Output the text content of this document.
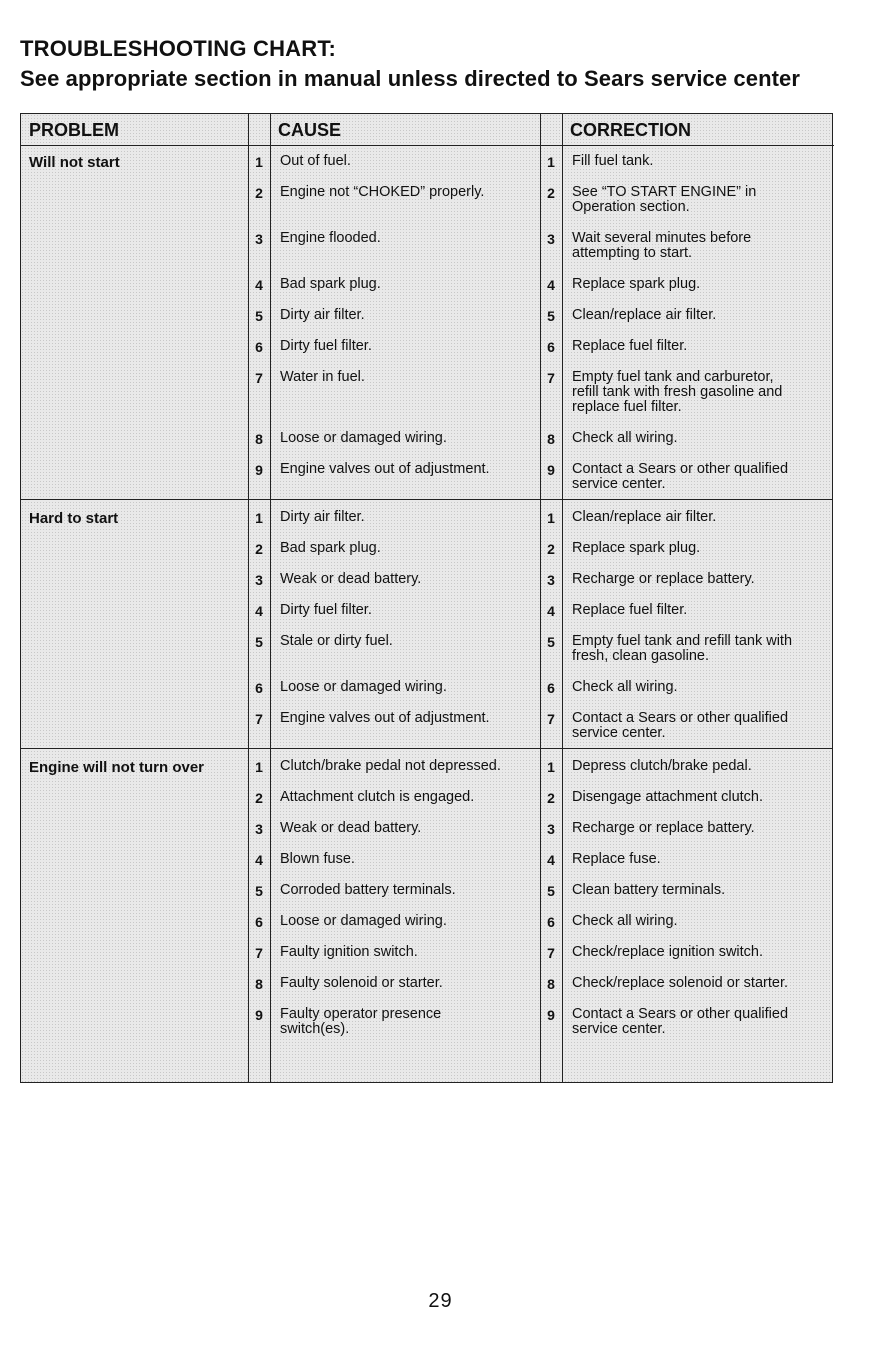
TROUBLESHOOTING CHART:
See appropriate section in manual unless directed to Sears service center
PROBLEM	CAUSE	CORRECTION
Will not start	1 Out of fuel.	1 Fill fuel tank.
2 Engine not “CHOKED” properly.	2 See “TO START ENGINE” in
Operation section.
3 Engine flooded.	3 Wait several minutes before
attempting to start.
4 Bad spark plug.	4 Replace spark plug.
5 Dirty air filter.	5 Clean/replace air filter.
6 Dirty fuel filter.	6 Replace fuel filter.
7 Water in fuel.	7 Empty fuel tank and carburetor,
refill tank with fresh gasoline and
replace fuel filter.
8 Loose or damaged wiring.	8 Check all wiring.
9 Engine valves out of adjustment.	9 Contact a Sears or other qualified
service center.
Hard to start	1 Dirty air filter.	1 Clean/replace air filter.
2 Bad spark plug.	2 Replace spark plug.
3 Weak or dead battery.	3 Recharge or replace battery.
4 Dirty fuel filter.	4 Replace fuel filter.
5 Stale or dirty fuel.	5 Empty fuel tank and refill tank with
fresh, clean gasoline.
6 Loose or damaged wiring.	6 Check all wiring.
7 Engine valves out of adjustment.	7 Contact a Sears or other qualified
service center.
Engine will not turn over	1 Clutch/brake pedal not depressed.	1 Depress clutch/brake pedal.
2 Attachment clutch is engaged.	2 Disengage attachment clutch.
3 Weak or dead battery.	3 Recharge or replace battery.
4 Blown fuse.	4 Replace fuse.
5 Corroded battery terminals.	5 Clean battery terminals.
6 Loose or damaged wiring.	6 Check all wiring.
7 Faulty ignition switch.	7 Check/replace ignition switch.
8 Faulty solenoid or starter.	8 Check/replace solenoid or starter.
9 Faulty operator presence
switch(es).
9 Contact a Sears or other qualified
service center.
29
